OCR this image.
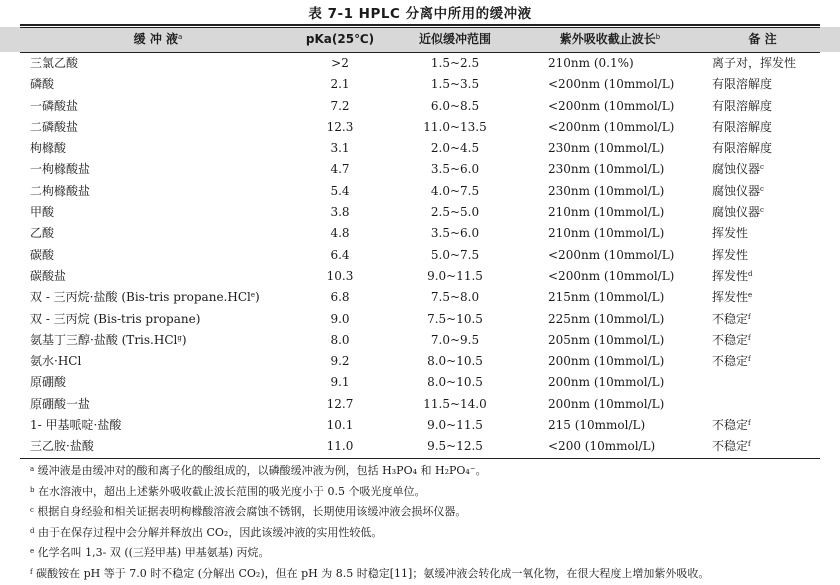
表 7-1 HPLC 分离中所用的缓冲液
缓 冲 液$^a$	pKa(25℃)	近似缓冲范围	紫外吸收截止波长$^b$	备 注
三氯乙酸	>2	1.5~2.5	210nm (0.1%)	离子对，挥发性
磷酸	2.1	1.5~3.5	<200nm (10mmol/L)	有限溶解度
一磷酸盐	7.2	6.0~8.5	<200nm (10mmol/L)	有限溶解度
二磷酸盐	12.3	11.0~13.5	<200nm (10mmol/L)	有限溶解度
枸橼酸	3.1	2.0~4.5	230nm (10mmol/L)	有限溶解度
一枸橼酸盐	4.7	3.5~6.0	230nm (10mmol/L)	腐蚀仪器$^c$
二枸橼酸盐	5.4	4.0~7.5	230nm (10mmol/L)	腐蚀仪器$^c$
甲酸	3.8	2.5~5.0	210nm (10mmol/L)	腐蚀仪器$^c$
乙酸	4.8	3.5~6.0	210nm (10mmol/L)	挥发性
碳酸	6.4	5.0~7.5	<200nm (10mmol/L)	挥发性
碳酸盐	10.3	9.0~11.5	<200nm (10mmol/L)	挥发性$^d$
双 - 三丙烷·盐酸 (Bis-tris propane.HCl$^e$)	6.8	7.5~8.0	215nm (10mmol/L)	挥发性$^e$
双 - 三丙烷 (Bis-tris propane)	9.0	7.5~10.5	225nm (10mmol/L)	不稳定$^f$
氨基丁三醇·盐酸 (Tris.HCl$^g$)	8.0	7.0~9.5	205nm (10mmol/L)	不稳定$^f$
氨水·HCl	9.2	8.0~10.5	200nm (10mmol/L)	不稳定$^f$
原硼酸	9.1	8.0~10.5	200nm (10mmol/L)
原硼酸一盐	12.7	11.5~14.0	200nm (10mmol/L)
1- 甲基哌啶·盐酸	10.1	9.0~11.5	215 (10mmol/L)	不稳定$^f$
三乙胺·盐酸	11.0	9.5~12.5	<200 (10mmol/L)	不稳定$^f$
$^a$ 缓冲液是由缓冲对的酸和离子化的酸组成的，以磷酸缓冲液为例，包括 H₃PO₄ 和 H₂PO₄⁻。
$^b$ 在水溶液中，超出上述紫外吸收截止波长范围的吸光度小于 0.5 个吸光度单位。
$^c$ 根据自身经验和相关证据表明枸橼酸溶液会腐蚀不锈钢，长期使用该缓冲液会损坏仪器。
$^d$ 由于在保存过程中会分解并释放出 CO₂，因此该缓冲液的实用性较低。
$^e$ 化学名叫 1,3- 双 ((三羟甲基) 甲基氨基) 丙烷。
$^f$ 碳酸铵在 pH 等于 7.0 时不稳定 (分解出 CO₂)，但在 pH 为 8.5 时稳定[11]；氨缓冲液会转化成一氧化物，在很大程度上增加紫外吸收。
